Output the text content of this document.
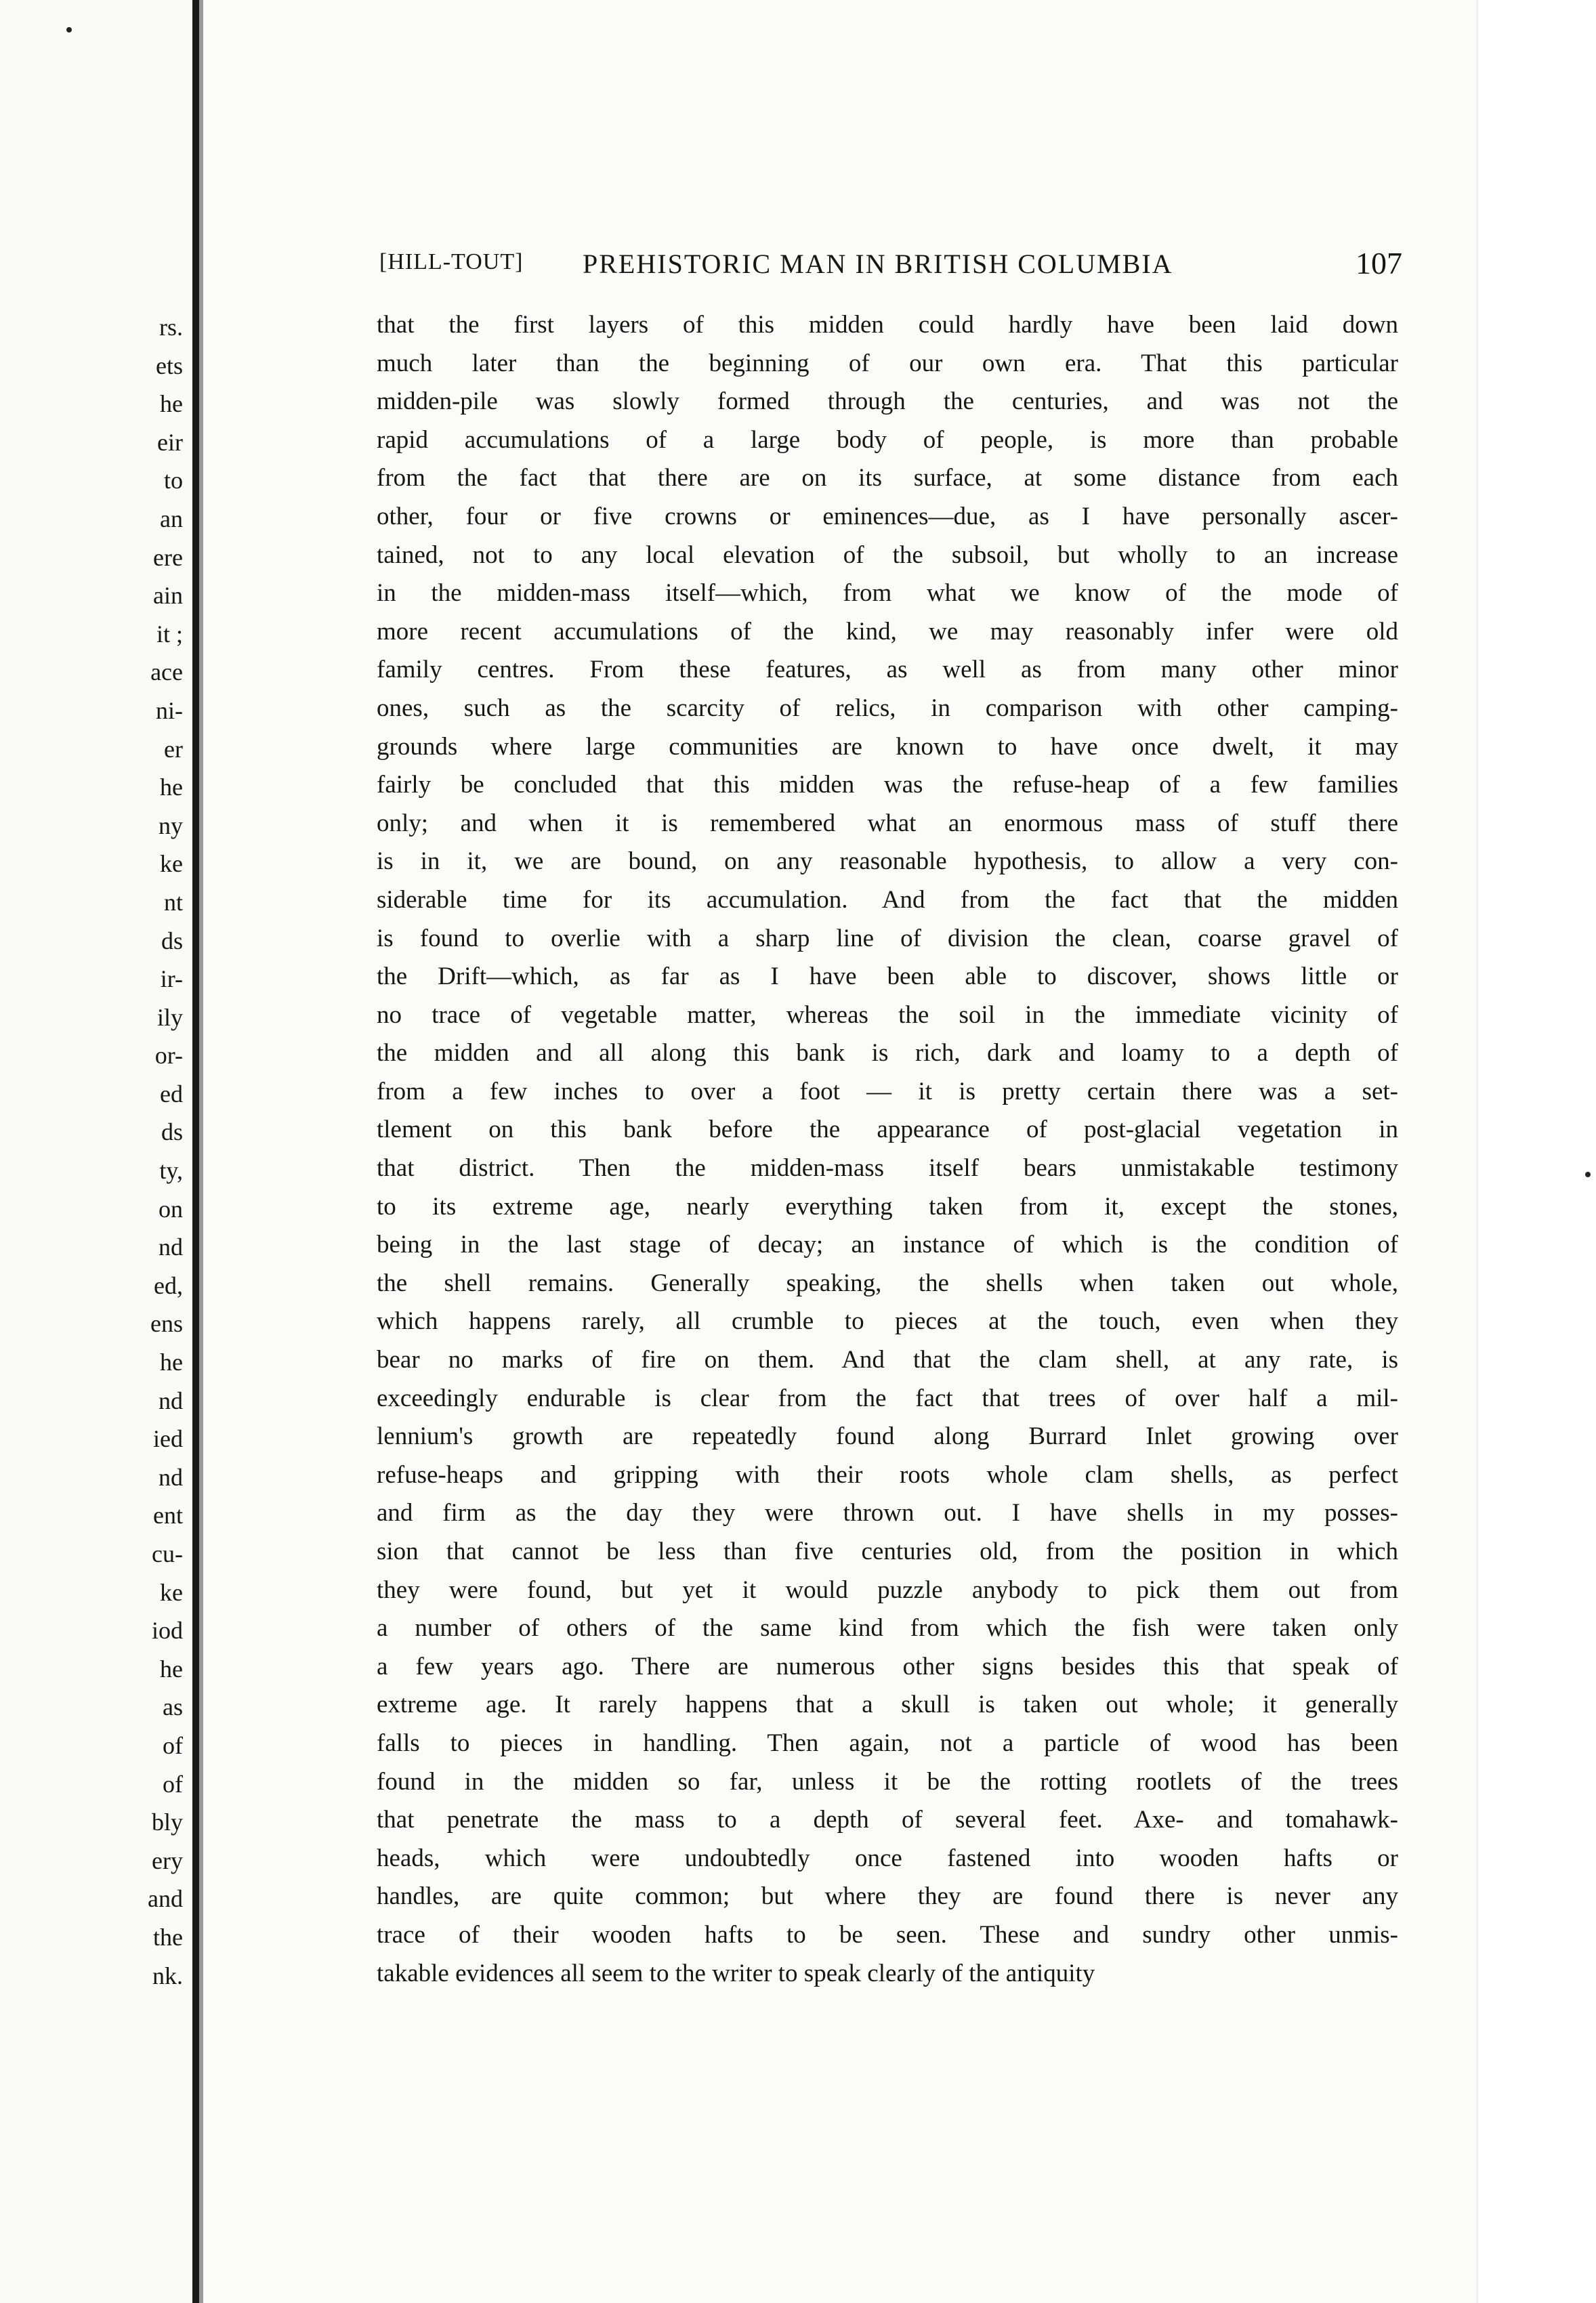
rs.
ets
he
eir
to
an
ere
ain
it ;
ace
ni-
er
he
ny
ke
nt
ds
ir-
ily
or-
ed
ds
ty,
on
nd
ed,
ens
he
nd
ied
nd
ent
cu-
ke
iod
he
as
of
of
bly
ery
and
the
nk.
[HILL-TOUT] PREHISTORIC MAN IN BRITISH COLUMBIA	107
that the first layers of this midden could hardly have been laid down
much later than the beginning of our own era. That this particular
midden-pile was slowly formed through the centuries, and was not the
rapid accumulations of a large body of people, is more than probable
from the fact that there are on its surface, at some distance from each
other, four or five crowns or eminences—due, as I have personally ascer-
tained, not to any local elevation of the subsoil, but wholly to an increase
in the midden-mass itself—which, from what we know of the mode of
more recent accumulations of the kind, we may reasonably infer were old
family centres. From these features, as well as from many other minor
ones, such as the scarcity of relics, in comparison with other camping-
grounds where large communities are known to have once dwelt, it may
fairly be concluded that this midden was the refuse-heap of a few families
only; and when it is remembered what an enormous mass of stuff there
is in it, we are bound, on any reasonable hypothesis, to allow a very con-
siderable time for its accumulation. And from the fact that the midden
is found to overlie with a sharp line of division the clean, coarse gravel of
the Drift—which, as far as I have been able to discover, shows little or
no trace of vegetable matter, whereas the soil in the immediate vicinity of
the midden and all along this bank is rich, dark and loamy to a depth of
from a few inches to over a foot — it is pretty certain there was a set-
tlement on this bank before the appearance of post-glacial vegetation in
that district. Then the midden-mass itself bears unmistakable testimony
to its extreme age, nearly everything taken from it, except the stones,
being in the last stage of decay; an instance of which is the condition of
the shell remains. Generally speaking, the shells when taken out whole,
which happens rarely, all crumble to pieces at the touch, even when they
bear no marks of fire on them. And that the clam shell, at any rate, is
exceedingly endurable is clear from the fact that trees of over half a mil-
lennium's growth are repeatedly found along Burrard Inlet growing over
refuse-heaps and gripping with their roots whole clam shells, as perfect
and firm as the day they were thrown out. I have shells in my posses-
sion that cannot be less than five centuries old, from the position in which
they were found, but yet it would puzzle anybody to pick them out from
a number of others of the same kind from which the fish were taken only
a few years ago. There are numerous other signs besides this that speak of
extreme age. It rarely happens that a skull is taken out whole; it generally
falls to pieces in handling. Then again, not a particle of wood has been
found in the midden so far, unless it be the rotting rootlets of the trees
that penetrate the mass to a depth of several feet. Axe- and tomahawk-
heads, which were undoubtedly once fastened into wooden hafts or
handles, are quite common; but where they are found there is never any
trace of their wooden hafts to be seen. These and sundry other unmis-
takable evidences all seem to the writer to speak clearly of the antiquity
